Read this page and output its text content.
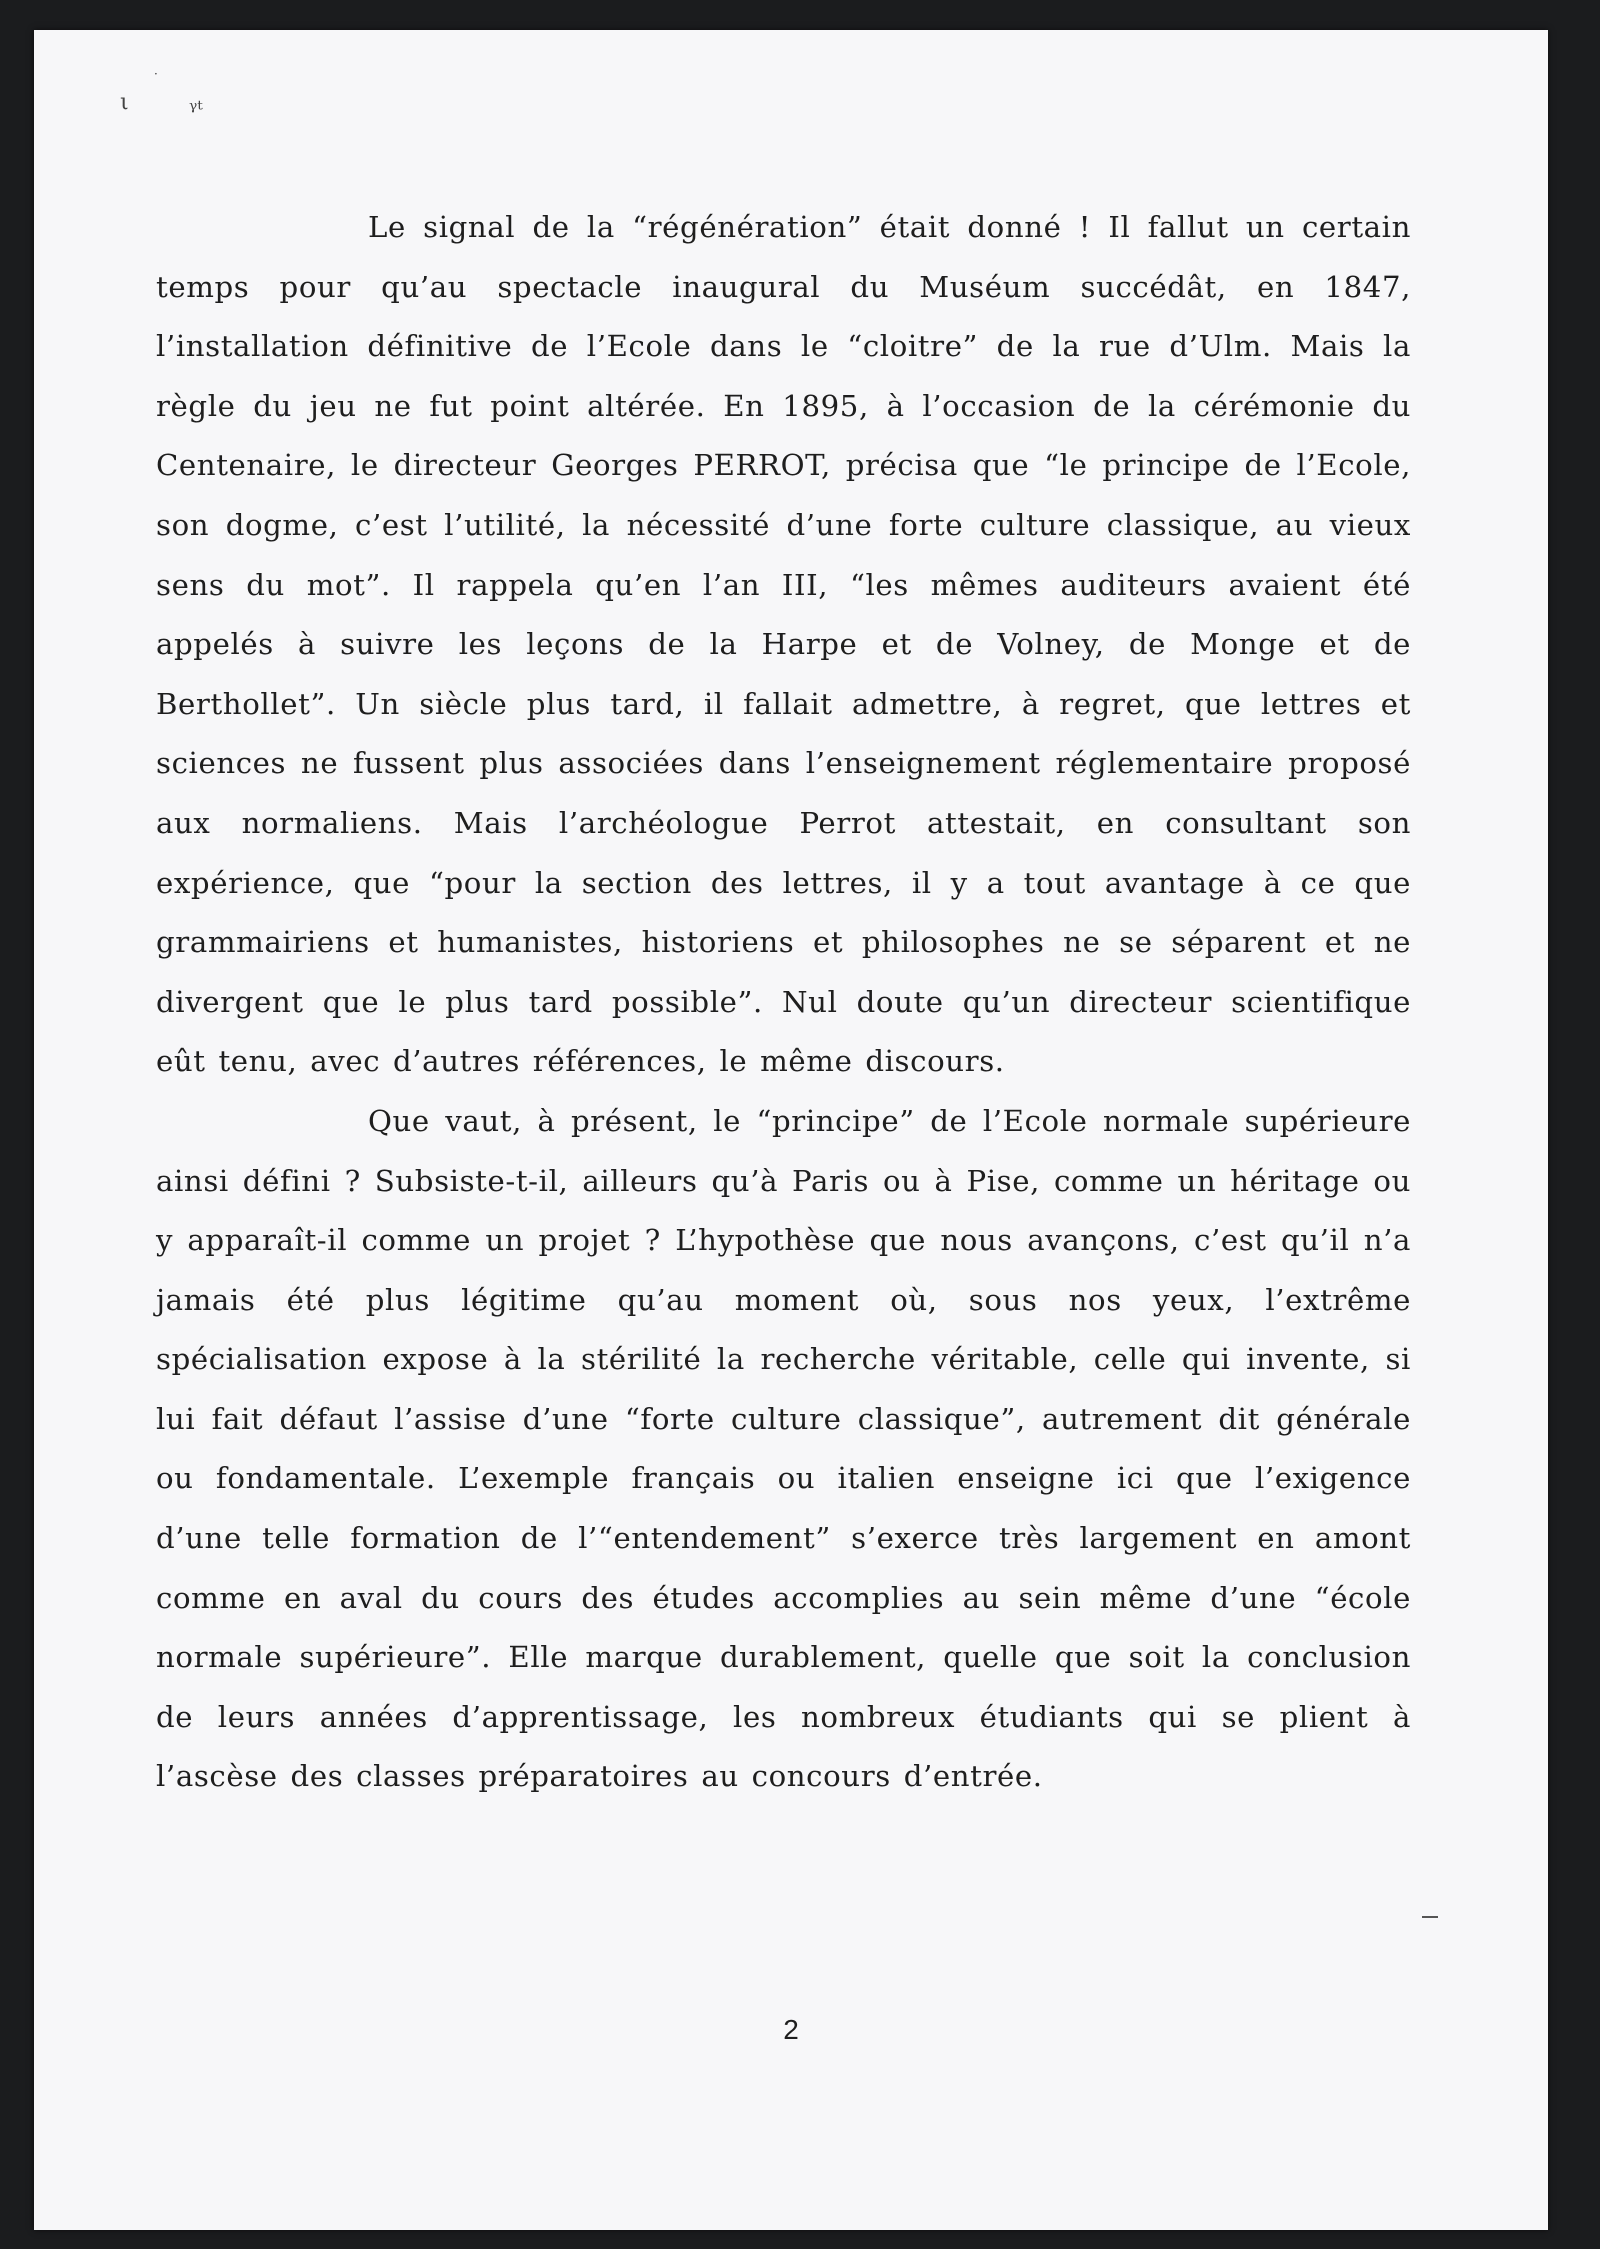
·
ι	ᵞᵗ

Le signal de la “régénération” était donné ! Il fallut un certain temps pour qu’au spectacle inaugural du Muséum succédât, en 1847, l’installation définitive de l’Ecole dans le “cloitre” de la rue d’Ulm. Mais la règle du jeu ne fut point altérée. En 1895, à l’occasion de la cérémonie du Centenaire, le directeur Georges PERROT, précisa que “le principe de l’Ecole, son dogme, c’est l’utilité, la nécessité d’une forte culture classique, au vieux sens du mot”. Il rappela qu’en l’an III, “les mêmes auditeurs avaient été appelés à suivre les leçons de la Harpe et de Volney, de Monge et de Berthollet”. Un siècle plus tard, il fallait admettre, à regret, que lettres et sciences ne fussent plus associées dans l’enseignement réglementaire proposé aux normaliens. Mais l’archéologue Perrot attestait, en consultant son expérience, que “pour la section des lettres, il y a tout avantage à ce que grammairiens et humanistes, historiens et philosophes ne se séparent et ne divergent que le plus tard possible”. Nul doute qu’un directeur scientifique eût tenu, avec d’autres références, le même discours.

Que vaut, à présent, le “principe” de l’Ecole normale supérieure ainsi défini ? Subsiste-t-il, ailleurs qu’à Paris ou à Pise, comme un héritage ou y apparaît-il comme un projet ? L’hypothèse que nous avançons, c’est qu’il n’a jamais été plus légitime qu’au moment où, sous nos yeux, l’extrême spécialisation expose à la stérilité la recherche véritable, celle qui invente, si lui fait défaut l’assise d’une “forte culture classique”, autrement dit générale ou fondamentale. L’exemple français ou italien enseigne ici que l’exigence d’une telle formation de l’“entendement” s’exerce très largement en amont comme en aval du cours des études accomplies au sein même d’une “école normale supérieure”. Elle marque durablement, quelle que soit la conclusion de leurs années d’apprentissage, les nombreux étudiants qui se plient à l’ascèse des classes préparatoires au concours d’entrée.

2
